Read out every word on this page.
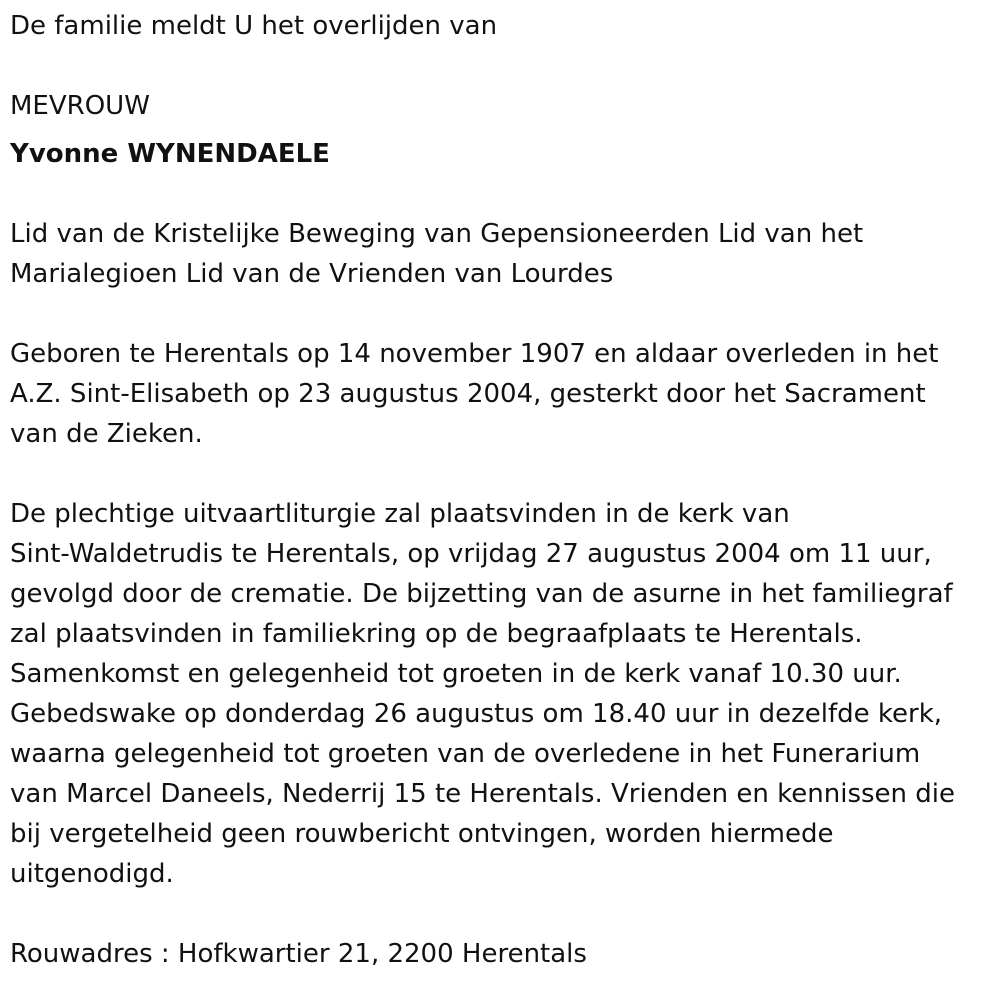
De familie meldt U het overlijden van
MEVROUW
Yvonne WYNENDAELE
Lid van de Kristelijke Beweging van Gepensioneerden Lid van het
Marialegioen Lid van de Vrienden van Lourdes
Geboren te Herentals op 14 november 1907 en aldaar overleden in het
A.Z. Sint-Elisabeth op 23 augustus 2004, gesterkt door het Sacrament
van de Zieken.
De plechtige uitvaartliturgie zal plaatsvinden in de kerk van
Sint-Waldetrudis te Herentals, op vrijdag 27 augustus 2004 om 11 uur,
gevolgd door de crematie. De bijzetting van de asurne in het familiegraf
zal plaatsvinden in familiekring op de begraafplaats te Herentals.
Samenkomst en gelegenheid tot groeten in de kerk vanaf 10.30 uur.
Gebedswake op donderdag 26 augustus om 18.40 uur in dezelfde kerk,
waarna gelegenheid tot groeten van de overledene in het Funerarium
van Marcel Daneels, Nederrij 15 te Herentals. Vrienden en kennissen die
bij vergetelheid geen rouwbericht ontvingen, worden hiermede
uitgenodigd.
Rouwadres : Hofkwartier 21, 2200 Herentals
